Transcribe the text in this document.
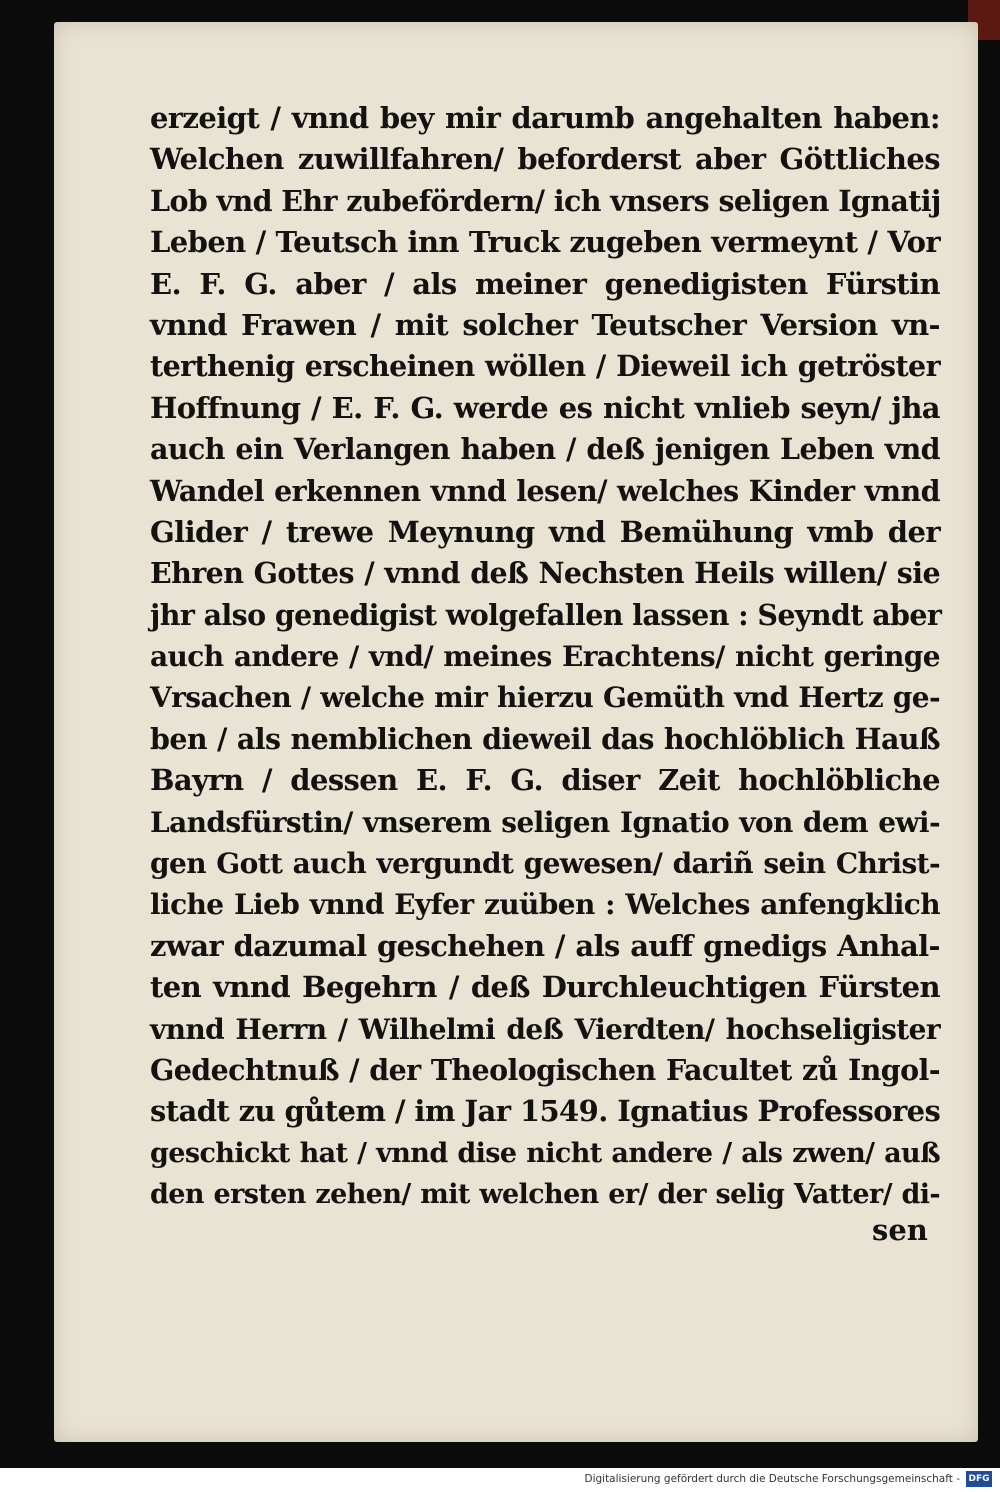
erzeigt / vnnd bey mir darumb angehalten haben:
Welchen zuwillfahren/ beforderst aber Göttliches
Lob vnd Ehr zubefördern/ ich vnsers seligen Ignatij
Leben / Teutsch inn Truck zugeben vermeynt / Vor
E. F. G. aber / als meiner genedigisten Fürstin
vnnd Frawen / mit solcher Teutscher Version vn-
terthenig erscheinen wöllen / Dieweil ich getröster
Hoffnung / E. F. G. werde es nicht vnlieb seyn/ jha
auch ein Verlangen haben / deß jenigen Leben vnd
Wandel erkennen vnnd lesen/ welches Kinder vnnd
Glider / trewe Meynung vnd Bemühung vmb der
Ehren Gottes / vnnd deß Nechsten Heils willen/ sie
jhr also genedigist wolgefallen lassen : Seyndt aber
auch andere / vnd/ meines Erachtens/ nicht geringe
Vrsachen / welche mir hierzu Gemüth vnd Hertz ge-
ben / als nemblichen dieweil das hochlöblich Hauß
Bayrn / dessen E. F. G. diser Zeit hochlöbliche
Landsfürstin/ vnserem seligen Ignatio von dem ewi-
gen Gott auch vergundt gewesen/ dariñ sein Christ-
liche Lieb vnnd Eyfer zuüben : Welches anfengklich
zwar dazumal geschehen / als auff gnedigs Anhal-
ten vnnd Begehrn / deß Durchleuchtigen Fürsten
vnnd Herrn / Wilhelmi deß Vierdten/ hochseligister
Gedechtnuß / der Theologischen Facultet zů Ingol-
stadt zu gůtem / im Jar 1549. Ignatius Professores
geschickt hat / vnnd dise nicht andere / als zwen/ auß
den ersten zehen/ mit welchen er/ der selig Vatter/ di-
sen
Digitalisierung gefördert durch die Deutsche Forschungsgemeinschaft - DFG
